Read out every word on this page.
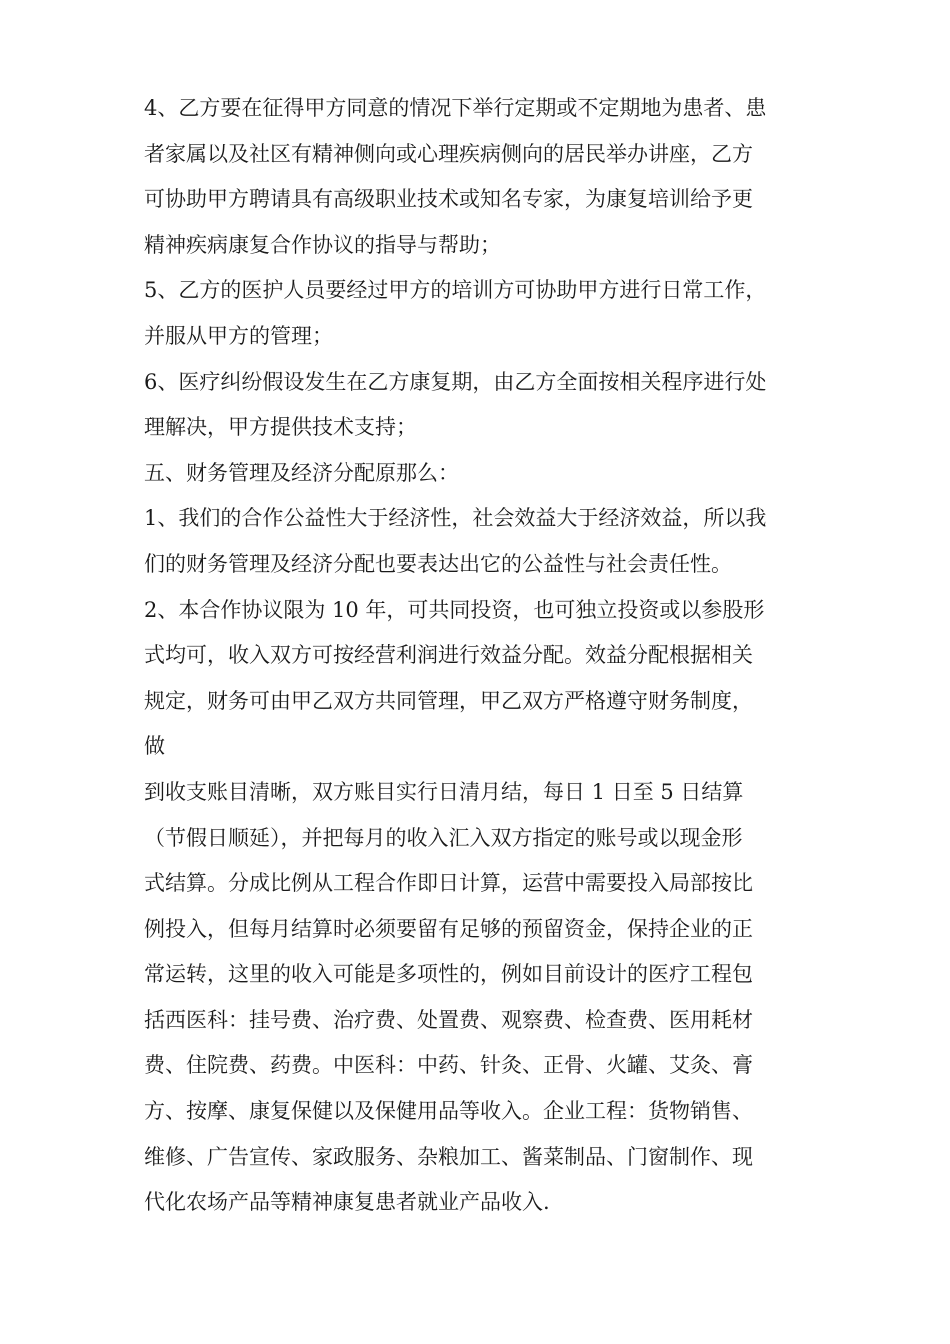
4、乙方要在征得甲方同意的情况下举行定期或不定期地为患者、患
者家属以及社区有精神侧向或心理疾病侧向的居民举办讲座，乙方
可协助甲方聘请具有高级职业技术或知名专家，为康复培训给予更
精神疾病康复合作协议的指导与帮助；
5、乙方的医护人员要经过甲方的培训方可协助甲方进行日常工作，
并服从甲方的管理；
6、医疗纠纷假设发生在乙方康复期，由乙方全面按相关程序进行处
理解决，甲方提供技术支持；
五、财务管理及经济分配原那么：
1、我们的合作公益性大于经济性，社会效益大于经济效益，所以我
们的财务管理及经济分配也要表达出它的公益性与社会责任性。
2、本合作协议限为 10 年，可共同投资，也可独立投资或以参股形
式均可，收入双方可按经营利润进行效益分配。效益分配根据相关
规定，财务可由甲乙双方共同管理，甲乙双方严格遵守财务制度，
做
到收支账目清晰，双方账目实行日清月结，每日 1 日至 5 日结算
（节假日顺延），并把每月的收入汇入双方指定的账号或以现金形
式结算。分成比例从工程合作即日计算，运营中需要投入局部按比
例投入，但每月结算时必须要留有足够的预留资金，保持企业的正
常运转，这里的收入可能是多项性的，例如目前设计的医疗工程包
括西医科：挂号费、治疗费、处置费、观察费、检查费、医用耗材
费、住院费、药费。中医科：中药、针灸、正骨、火罐、艾灸、膏
方、按摩、康复保健以及保健用品等收入。企业工程：货物销售、
维修、广告宣传、家政服务、杂粮加工、酱菜制品、门窗制作、现
代化农场产品等精神康复患者就业产品收入.
